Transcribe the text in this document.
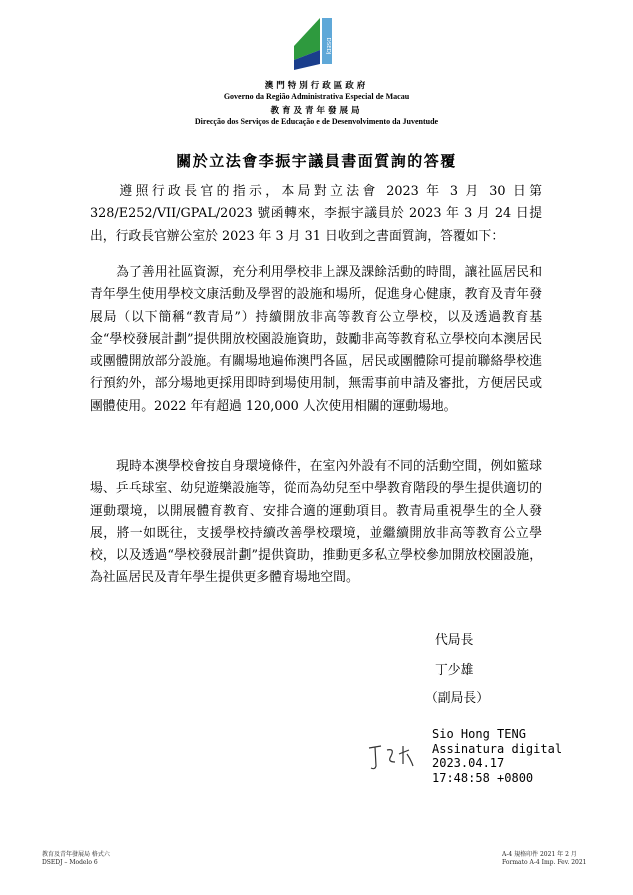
DSEDJ
澳門特別行政區政府
Governo da Região Administrativa Especial de Macau
教育及青年發展局
Direcção dos Serviços de Educação e de Desenvolvimento da Juventude
關於立法會李振宇議員書面質詢的答覆
遵照行政長官的指示，本局對立法會 2023 年 3 月 30 日第 328/E252/VII/GPAL/2023 號函轉來，李振宇議員於 2023 年 3 月 24 日提出，行政長官辦公室於 2023 年 3 月 31 日收到之書面質詢，答覆如下：
為了善用社區資源，充分利用學校非上課及課餘活動的時間，讓社區居民和青年學生使用學校文康活動及學習的設施和場所，促進身心健康，教育及青年發展局（以下簡稱“教青局”）持續開放非高等教育公立學校，以及透過教育基金“學校發展計劃”提供開放校園設施資助，鼓勵非高等教育私立學校向本澳居民或團體開放部分設施。有關場地遍佈澳門各區，居民或團體除可提前聯絡學校進行預約外，部分場地更採用即時到場使用制，無需事前申請及審批，方便居民或團體使用。2022 年有超過 120,000 人次使用相關的運動場地。
現時本澳學校會按自身環境條件，在室內外設有不同的活動空間，例如籃球場、乒乓球室、幼兒遊樂設施等，從而為幼兒至中學教育階段的學生提供適切的運動環境，以開展體育教育、安排合適的運動項目。教青局重視學生的全人發展，將一如既往，支援學校持續改善學校環境，並繼續開放非高等教育公立學校，以及透過“學校發展計劃”提供資助，推動更多私立學校參加開放校園設施，為社區居民及青年學生提供更多體育場地空間。
代局長
丁少雄
（副局長）
Sio Hong TENG
Assinatura digital
2023.04.17
17:48:58 +0800
教育及青年發展局 格式六
DSEDJ – Modelo 6
A-4 規格印件 2021 年 2 月
Formato A-4 Imp. Fev. 2021
